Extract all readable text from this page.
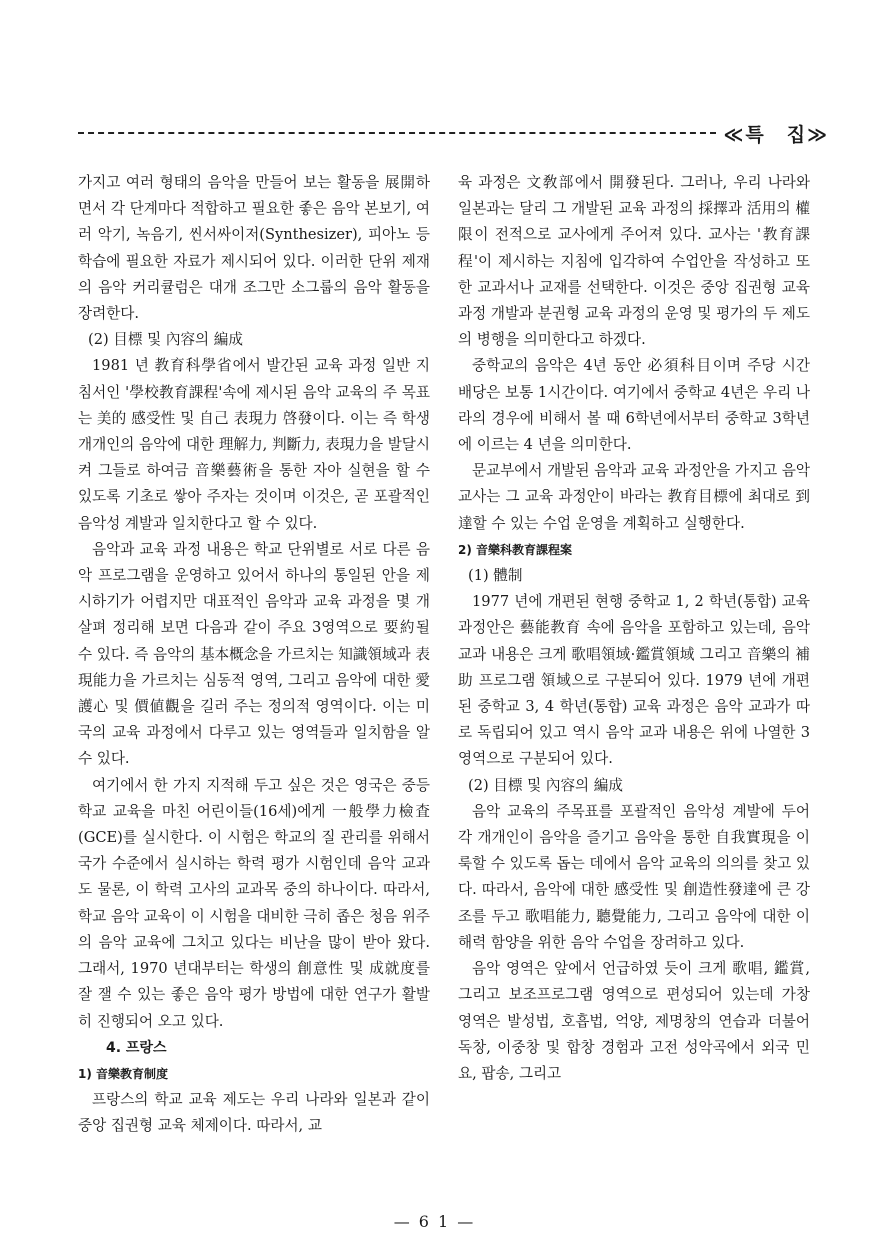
≪특　집≫

가지고 여러 형태의 음악을 만들어 보는 활동을 展開하면서 각 단계마다 적합하고 필요한 좋은 음악 본보기, 여러 악기, 녹음기, 씬서싸이저(Synthesizer), 피아노 등 학습에 필요한 자료가 제시되어 있다. 이러한 단위 제재의 음악 커리큘럼은 대개 조그만 소그룹의 음악 활동을 장려한다.

(2) 目標 및 內容의 編成

1981 년 教育科學省에서 발간된 교육 과정 일반 지침서인 '學校教育課程'속에 제시된 음악 교육의 주 목표는 美的 感受性 및 自己 表現力 啓發이다. 이는 즉 학생 개개인의 음악에 대한 理解力, 判斷力, 表現力을 발달시켜 그들로 하여금 音樂藝術을 통한 자아 실현을 할 수 있도록 기초로 쌓아 주자는 것이며 이것은, 곧 포괄적인 음악성 계발과 일치한다고 할 수 있다.

음악과 교육 과정 내용은 학교 단위별로 서로 다른 음악 프로그램을 운영하고 있어서 하나의 통일된 안을 제시하기가 어렵지만 대표적인 음악과 교육 과정을 몇 개 살펴 정리해 보면 다음과 같이 주요 3영역으로 要約될 수 있다. 즉 음악의 基本概念을 가르치는 知識領域과 表現能力을 가르치는 심동적 영역, 그리고 음악에 대한 愛護心 및 價値觀을 길러 주는 정의적 영역이다. 이는 미국의 교육 과정에서 다루고 있는 영역들과 일치함을 알 수 있다.

여기에서 한 가지 지적해 두고 싶은 것은 영국은 중등 학교 교육을 마친 어린이들(16세)에게 一般學力檢査(GCE)를 실시한다. 이 시험은 학교의 질 관리를 위해서 국가 수준에서 실시하는 학력 평가 시험인데 음악 교과도 물론, 이 학력 고사의 교과목 중의 하나이다. 따라서, 학교 음악 교육이 이 시험을 대비한 극히 좁은 청음 위주의 음악 교육에 그치고 있다는 비난을 많이 받아 왔다. 그래서, 1970 년대부터는 학생의 創意性 및 成就度를 잘 잴 수 있는 좋은 음악 평가 방법에 대한 연구가 활발히 진행되어 오고 있다.

4. 프랑스

1) 音樂教育制度

프랑스의 학교 교육 제도는 우리 나라와 일본과 같이 중앙 집권형 교육 체제이다. 따라서, 교

육 과정은 文敎部에서 開發된다. 그러나, 우리 나라와 일본과는 달리 그 개발된 교육 과정의 採擇과 活用의 權限이 전적으로 교사에게 주어져 있다. 교사는 '教育課程'이 제시하는 지침에 입각하여 수업안을 작성하고 또한 교과서나 교재를 선택한다. 이것은 중앙 집권형 교육 과정 개발과 분권형 교육 과정의 운영 및 평가의 두 제도의 병행을 의미한다고 하겠다.

중학교의 음악은 4년 동안 必須科目이며 주당 시간 배당은 보통 1시간이다. 여기에서 중학교 4년은 우리 나라의 경우에 비해서 볼 때 6학년에서부터 중학교 3학년에 이르는 4 년을 의미한다.

문교부에서 개발된 음악과 교육 과정안을 가지고 음악 교사는 그 교육 과정안이 바라는 教育目標에 최대로 到達할 수 있는 수업 운영을 계획하고 실행한다.

2) 音樂科教育課程案

(1) 體制

1977 년에 개편된 현행 중학교 1, 2 학년(통합) 교육 과정안은 藝能教育 속에 음악을 포함하고 있는데, 음악 교과 내용은 크게 歌唱領域·鑑賞領域 그리고 音樂의 補助 프로그램 領域으로 구분되어 있다. 1979 년에 개편된 중학교 3, 4 학년(통합) 교육 과정은 음악 교과가 따로 독립되어 있고 역시 음악 교과 내용은 위에 나열한 3 영역으로 구분되어 있다.

(2) 目標 및 內容의 編成

음악 교육의 주목표를 포괄적인 음악성 계발에 두어 각 개개인이 음악을 즐기고 음악을 통한 自我實現을 이룩할 수 있도록 돕는 데에서 음악 교육의 의의를 찾고 있다. 따라서, 음악에 대한 感受性 및 創造性發達에 큰 강조를 두고 歌唱能力, 聽覺能力, 그리고 음악에 대한 이해력 함양을 위한 음악 수업을 장려하고 있다.

음악 영역은 앞에서 언급하였 듯이 크게 歌唱, 鑑賞, 그리고 보조프로그램 영역으로 편성되어 있는데 가창 영역은 발성법, 호흡법, 억양, 제명창의 연습과 더불어 독창, 이중창 및 합창 경험과 고전 성악곡에서 외국 민요, 팝송, 그리고

— 6 1 —
